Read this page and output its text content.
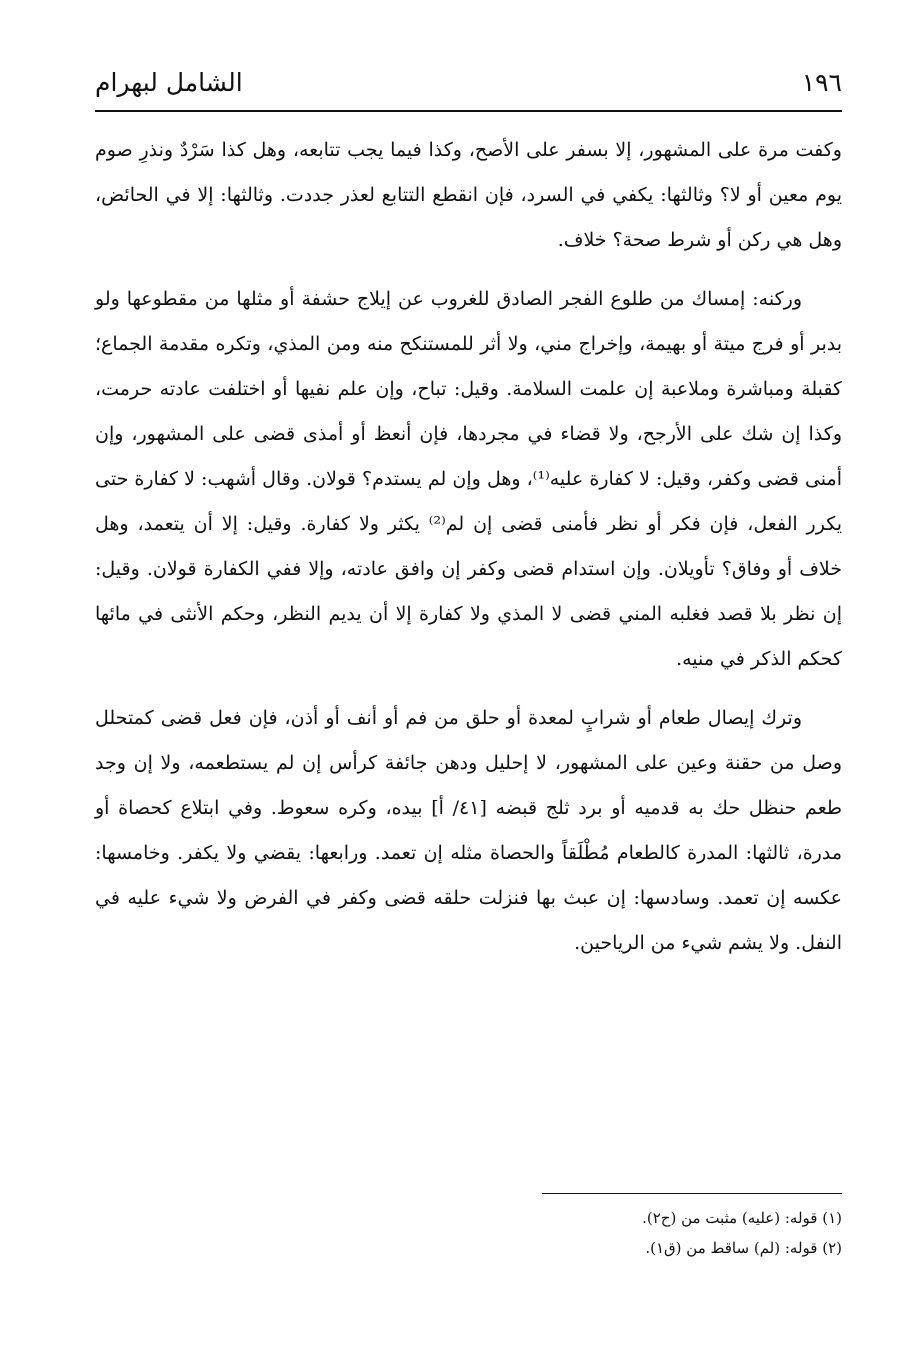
الشامل لبهرام	١٩٦

وكفت مرة على المشهور، إلا بسفر على الأصح، وكذا فيما يجب تتابعه، وهل كذا سَرْدٌ ونذرِ صوم يوم معين أو لا؟ وثالثها: يكفي في السرد، فإن انقطع التتابع لعذر جددت. وثالثها: إلا في الحائض، وهل هي ركن أو شرط صحة؟ خلاف.

وركنه: إمساك من طلوع الفجر الصادق للغروب عن إيلاج حشفة أو مثلها من مقطوعها ولو بدبر أو فرج ميتة أو بهيمة، وإخراج مني، ولا أثر للمستنكح منه ومن المذي، وتكره مقدمة الجماع؛ كقبلة ومباشرة وملاعبة إن علمت السلامة. وقيل: تباح، وإن علم نفيها أو اختلفت عادته حرمت، وكذا إن شك على الأرجح، ولا قضاء في مجردها، فإن أنعظ أو أمذى قضى على المشهور، وإن أمنى قضى وكفر، وقيل: لا كفارة عليه⁽¹⁾، وهل وإن لم يستدم؟ قولان. وقال أشهب: لا كفارة حتى يكرر الفعل، فإن فكر أو نظر فأمنى قضى إن لم⁽²⁾ يكثر ولا كفارة. وقيل: إلا أن يتعمد، وهل خلاف أو وفاق؟ تأويلان. وإن استدام قضى وكفر إن وافق عادته، وإلا ففي الكفارة قولان. وقيل: إن نظر بلا قصد فغلبه المني قضى لا المذي ولا كفارة إلا أن يديم النظر، وحكم الأنثى في مائها كحكم الذكر في منيه.

وترك إيصال طعام أو شرابٍ لمعدة أو حلق من فم أو أنف أو أذن، فإن فعل قضى كمتحلل وصل من حقنة وعين على المشهور، لا إحليل ودهن جائفة كرأس إن لم يستطعمه، ولا إن وجد طعم حنظل حك به قدميه أو برد ثلج قبضه [٤١/ أ] بيده، وكره سعوط. وفي ابتلاع كحصاة أو مدرة، ثالثها: المدرة كالطعام مُطْلَقاً والحصاة مثله إن تعمد. ورابعها: يقضي ولا يكفر. وخامسها: عكسه إن تعمد. وسادسها: إن عبث بها فنزلت حلقه قضى وكفر في الفرض ولا شيء عليه في النفل. ولا يشم شيء من الرياحين.

(١) قوله: (عليه) مثبت من (ح٢).
(٢) قوله: (لم) ساقط من (ق١).
